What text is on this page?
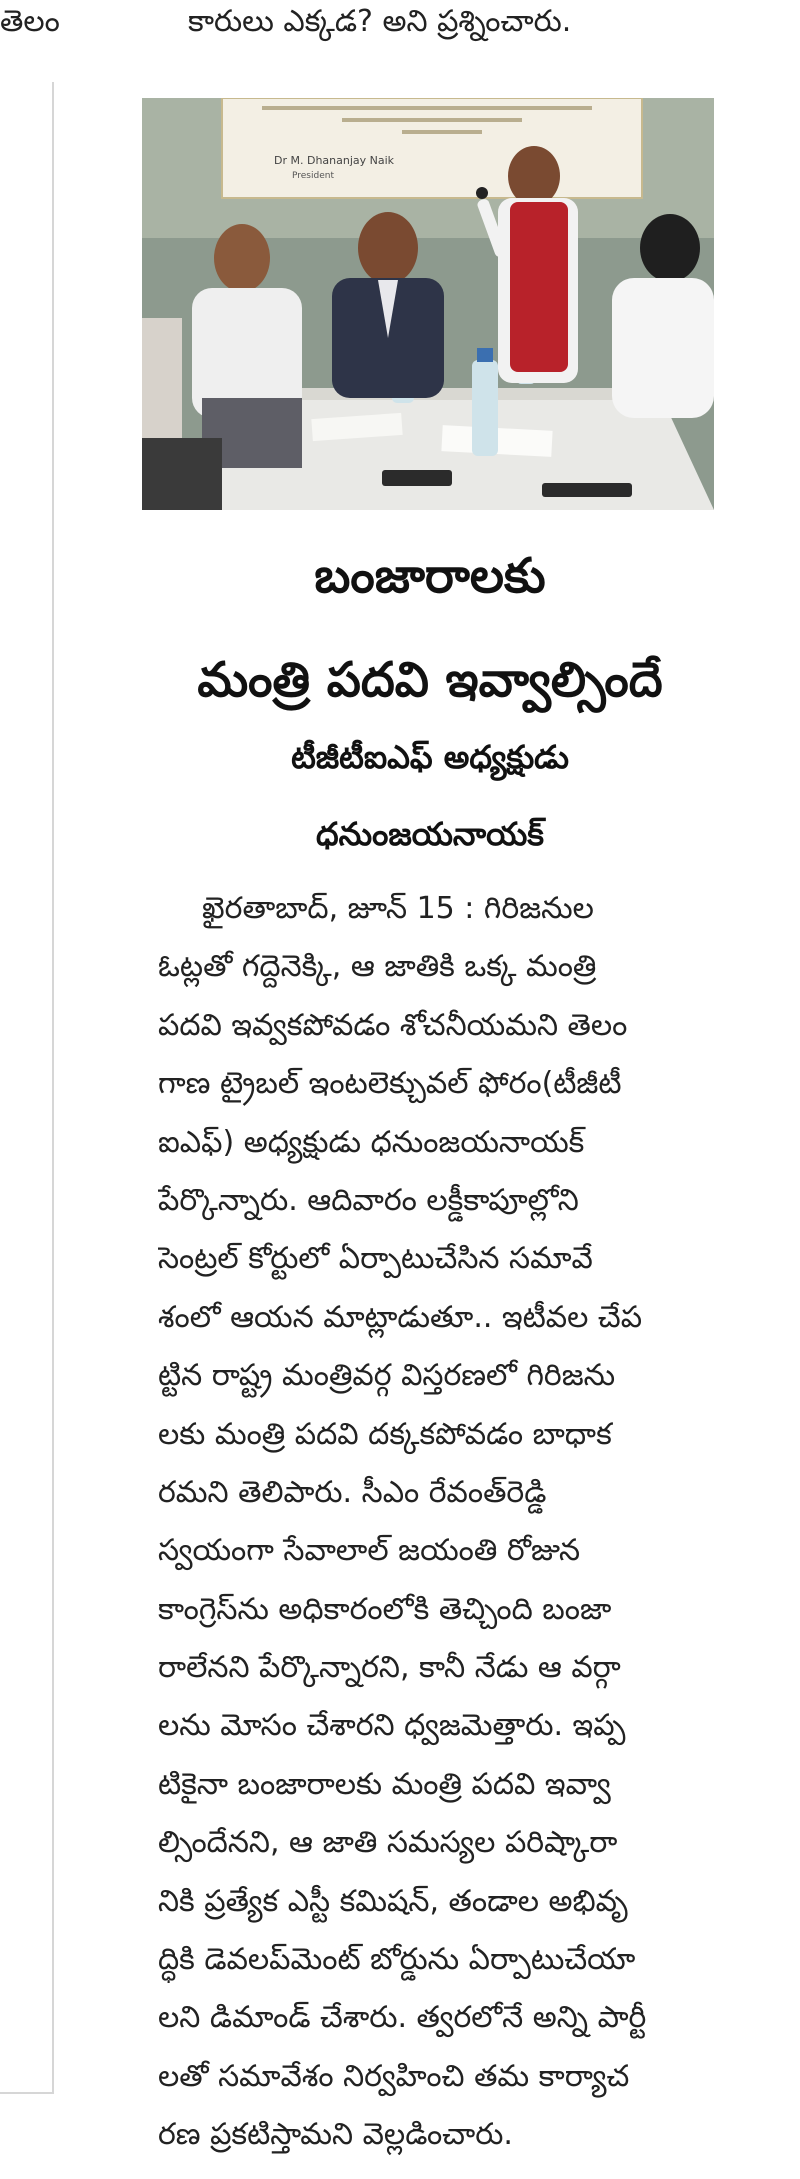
తెలం	కారులు ఎక్కడ? అని ప్రశ్నించారు.
Dr M. Dhananjay Naik
President
బంజారాలకు
మంత్రి పదవి ఇవ్వాల్సిందే
టీజీటీఐఎఫ్ అధ్యక్షుడు
ధనుంజయనాయక్
ఖైరతాబాద్, జూన్ 15 : గిరిజనుల
ఓట్లతో గద్దెనెక్కి, ఆ జాతికి ఒక్క మంత్రి
పదవి ఇవ్వకపోవడం శోచనీయమని తెలం
గాణ ట్రైబల్ ఇంటలెక్చువల్ ఫోరం(టీజీటీ
ఐఎఫ్) అధ్యక్షుడు ధనుంజయనాయక్
పేర్కొన్నారు. ఆదివారం లక్డీకాపూల్లోని
సెంట్రల్ కోర్టులో ఏర్పాటుచేసిన సమావే
శంలో ఆయన మాట్లాడుతూ.. ఇటీవల చేప
ట్టిన రాష్ట్ర మంత్రివర్గ విస్తరణలో గిరిజను
లకు మంత్రి పదవి దక్కకపోవడం బాధాక
రమని తెలిపారు. సీఎం రేవంత్‌రెడ్డి
స్వయంగా సేవాలాల్ జయంతి రోజున
కాంగ్రెస్‌ను అధికారంలోకి తెచ్చింది బంజా
రాలేనని పేర్కొన్నారని, కానీ నేడు ఆ వర్గా
లను మోసం చేశారని ధ్వజమెత్తారు. ఇప్ప
టికైనా బంజారాలకు మంత్రి పదవి ఇవ్వా
ల్సిందేనని, ఆ జాతి సమస్యల పరిష్కారా
నికి ప్రత్యేక ఎస్టీ కమిషన్, తండాల అభివృ
ద్ధికి డెవలప్‌మెంట్ బోర్డును ఏర్పాటుచేయా
లని డిమాండ్ చేశారు. త్వరలోనే అన్ని పార్టీ
లతో సమావేశం నిర్వహించి తమ కార్యాచ
రణ ప్రకటిస్తామని వెల్లడించారు.
